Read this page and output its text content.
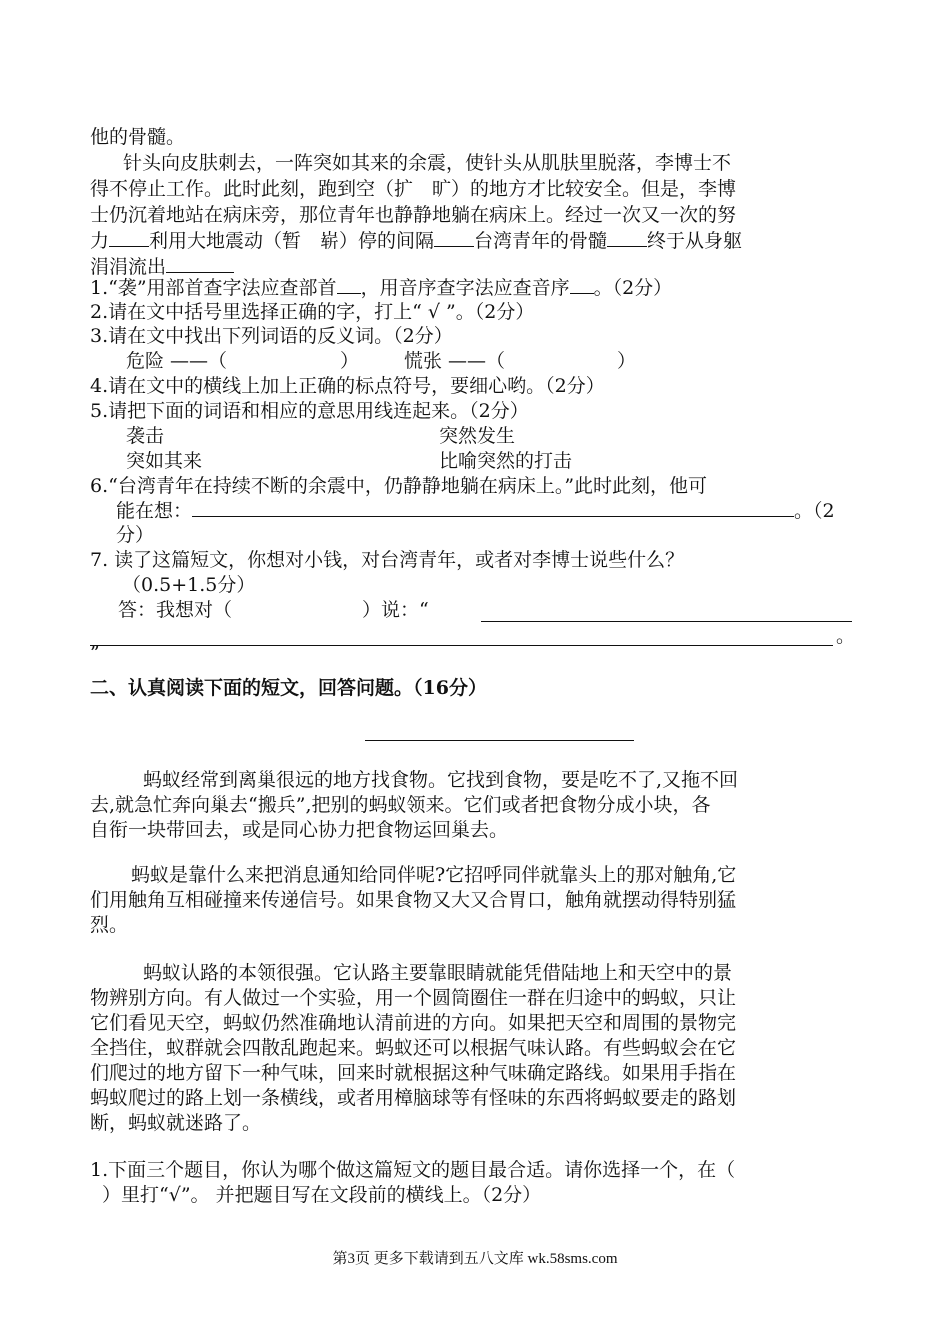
他的骨髓。
针头向皮肤刺去，一阵突如其来的余震，使针头从肌肤里脱落，李博士不
得不停止工作。此时此刻，跑到空（扩　旷）的地方才比较安全。但是，李博
士仍沉着地站在病床旁，那位青年也静静地躺在病床上。经过一次又一次的努
力 利用大地震动（暂　崭）停的间隔 台湾青年的骨髓 终于从身躯
涓涓流出
1.“袭”用部首查字法应查部首 ，用音序查字法应查音序 。（2分）
2.请在文中括号里选择正确的字，打上“ √ ”。（2分）
3.请在文中找出下列词语的反义词。（2分）
危险 ——（	） 慌张 ——（	）
4.请在文中的横线上加上正确的标点符号，要细心哟。（2分）
5.请把下面的词语和相应的意思用线连起来。（2分）
袭击	突然发生
突如其来	比喻突然的打击
6.“台湾青年在持续不断的余震中，仍静静地躺在病床上。”此时此刻，他可
能在想：	。（2
分）
7. 读了这篇短文，你想对小钱，对台湾青年，或者对李博士说些什么？
（0.5+1.5分）
答：我想对（	）说：“
。
”
二、认真阅读下面的短文，回答问题。（16分）
蚂蚁经常到离巢很远的地方找食物。它找到食物，要是吃不了,又拖不回
去,就急忙奔向巢去“搬兵”,把别的蚂蚁领来。它们或者把食物分成小块，各
自衔一块带回去，或是同心协力把食物运回巢去。
蚂蚁是靠什么来把消息通知给同伴呢?它招呼同伴就靠头上的那对触角,它
们用触角互相碰撞来传递信号。如果食物又大又合胃口，触角就摆动得特别猛
烈。
蚂蚁认路的本领很强。它认路主要靠眼睛就能凭借陆地上和天空中的景
物辨别方向。有人做过一个实验，用一个圆筒圈住一群在归途中的蚂蚁，只让
它们看见天空，蚂蚁仍然准确地认清前进的方向。如果把天空和周围的景物完
全挡住，蚁群就会四散乱跑起来。蚂蚁还可以根据气味认路。有些蚂蚁会在它
们爬过的地方留下一种气味，回来时就根据这种气味确定路线。如果用手指在
蚂蚁爬过的路上划一条横线，或者用樟脑球等有怪味的东西将蚂蚁要走的路划
断，蚂蚁就迷路了。
1.下面三个题目，你认为哪个做这篇短文的题目最合适。请你选择一个，在（
）里打“√”。 并把题目写在文段前的横线上。（2分）
第3页 更多下载请到五八文库 wk.58sms.com
